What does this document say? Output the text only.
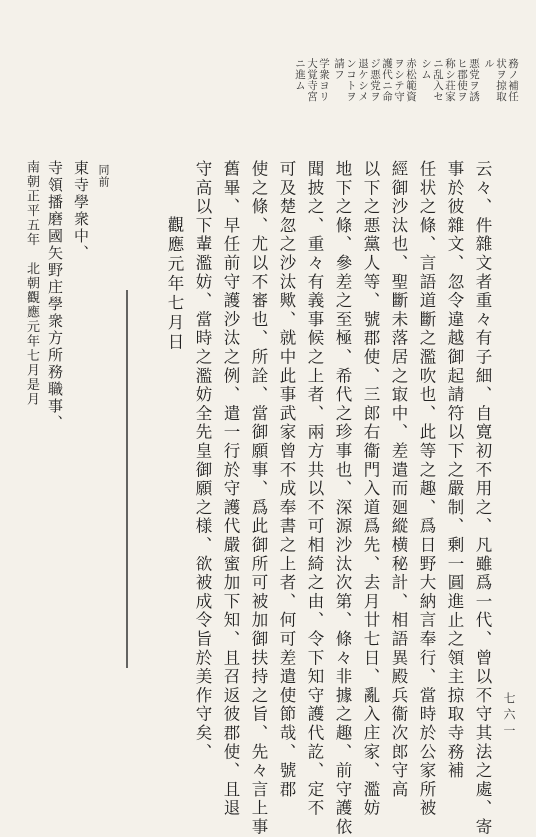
務ノ補任
状ヲ掠取
ル
悪党ヲ誘
ヒ郡使ヲ
称シ荘家
ニ乱入セ
シム
赤松範資
ヲシテ守
護代ニ命
ジ悪党ヲ
退ケシメ
ンコトヲ
請フ
学衆ヨリ
大覚寺宮
ニ進ム
云々、件雜文者重々有子細、自寛初不用之、凡雖爲一代、曾以不守其法之處、寄
事於彼雜文、忽令違越御起請符以下之嚴制、剰一圓進止之領主掠取寺務補
任状之條、言語道斷之濫吹也、此等之趣、爲日野大納言奉行、當時於公家所被
經御沙汰也、聖斷未落居之㝡中、差遣而廻縱横秘計、相語異殿兵衞次郎守高
以下之悪黨人等、號郡使、三郎右衞門入道爲先、去月廿七日、亂入庄家、濫妨
地下之條、參差之至極、希代之珍事也、深源沙汰次第、條々非據之趣、前守護依
聞披之、重々有義事候之上者、兩方共以不可相綺之由、令下知守護代訖、定不
可及楚忽之沙汰歟、就中此事武家曾不成奉書之上者、何可差遣使節哉、號郡
使之條、尤以不審也、所詮、當御願事、爲此御所可被加御扶持之旨、先々言上事
舊畢、早任前守護沙汰之例、遣一行於守護代嚴蜜加下知、且召返彼郡使、且退
守高以下輩濫妨、當時之濫妨全先皇御願之様、欲被成令旨於美作守矣、
觀應元年七月日
同前
東寺學衆中、
寺領播磨國矢野庄學衆方所務職事、
南朝正平五年　北朝觀應元年七月是月
七六一
